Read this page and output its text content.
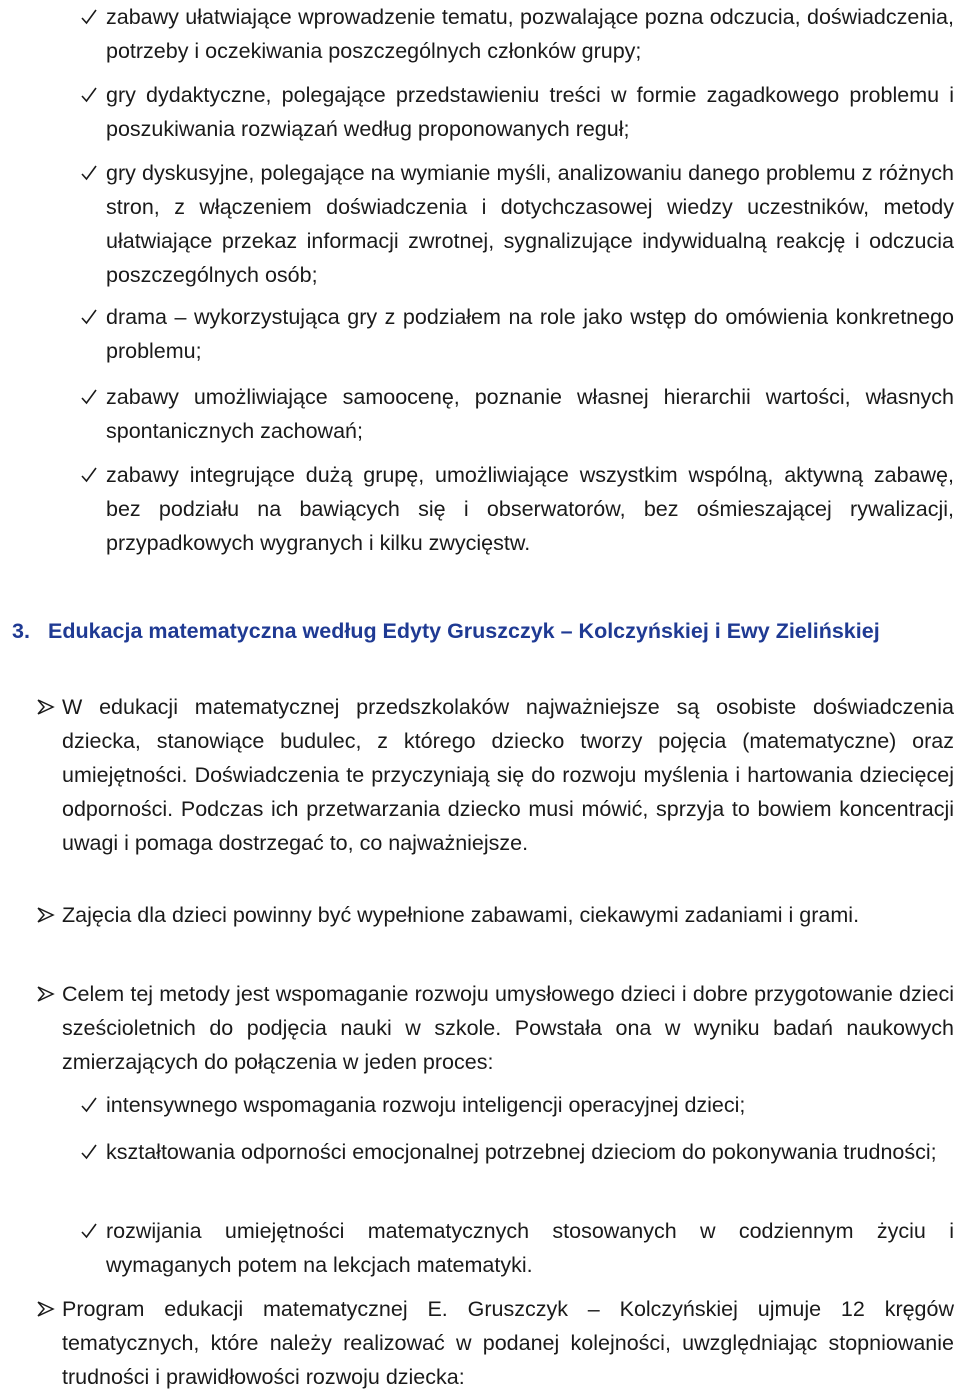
zabawy ułatwiające wprowadzenie tematu, pozwalające pozna odczucia, doświadczenia, potrzeby i oczekiwania poszczególnych członków grupy;
gry dydaktyczne, polegające przedstawieniu treści w formie zagadkowego problemu i poszukiwania rozwiązań według proponowanych reguł;
gry dyskusyjne, polegające na wymianie myśli, analizowaniu danego problemu z różnych stron, z włączeniem doświadczenia i dotychczasowej wiedzy uczestników, metody ułatwiające przekaz informacji zwrotnej, sygnalizujące indywidualną reakcję i odczucia poszczególnych osób;
drama – wykorzystująca gry z podziałem na role jako wstęp do omówienia konkretnego problemu;
zabawy umożliwiające samoocenę, poznanie własnej hierarchii wartości, własnych spontanicznych zachowań;
zabawy integrujące dużą grupę, umożliwiające wszystkim wspólną, aktywną zabawę, bez podziału na bawiących się i obserwatorów, bez ośmieszającej rywalizacji, przypadkowych wygranych i kilku zwycięstw.
3. Edukacja matematyczna według Edyty Gruszczyk – Kolczyńskiej i Ewy Zielińskiej
W edukacji matematycznej przedszkolaków najważniejsze są osobiste doświadczenia dziecka, stanowiące budulec, z którego dziecko tworzy pojęcia (matematyczne) oraz umiejętności. Doświadczenia te przyczyniają się do rozwoju myślenia i hartowania dziecięcej odporności. Podczas ich przetwarzania dziecko musi mówić, sprzyja to bowiem koncentracji uwagi i pomaga dostrzegać to, co najważniejsze.
Zajęcia dla dzieci powinny być wypełnione zabawami, ciekawymi zadaniami i grami.
Celem tej metody jest wspomaganie rozwoju umysłowego dzieci i dobre przygotowanie dzieci sześcioletnich do podjęcia nauki w szkole. Powstała ona w wyniku badań naukowych zmierzających do połączenia w jeden proces:
intensywnego wspomagania rozwoju inteligencji operacyjnej dzieci;
kształtowania odporności emocjonalnej potrzebnej dzieciom do pokonywania trudności;
rozwijania umiejętności matematycznych stosowanych w codziennym życiu i wymaganych potem na lekcjach matematyki.
Program edukacji matematycznej E. Gruszczyk – Kolczyńskiej ujmuje 12 kręgów tematycznych, które należy realizować w podanej kolejności, uwzględniając stopniowanie trudności i prawidłowości rozwoju dziecka:
